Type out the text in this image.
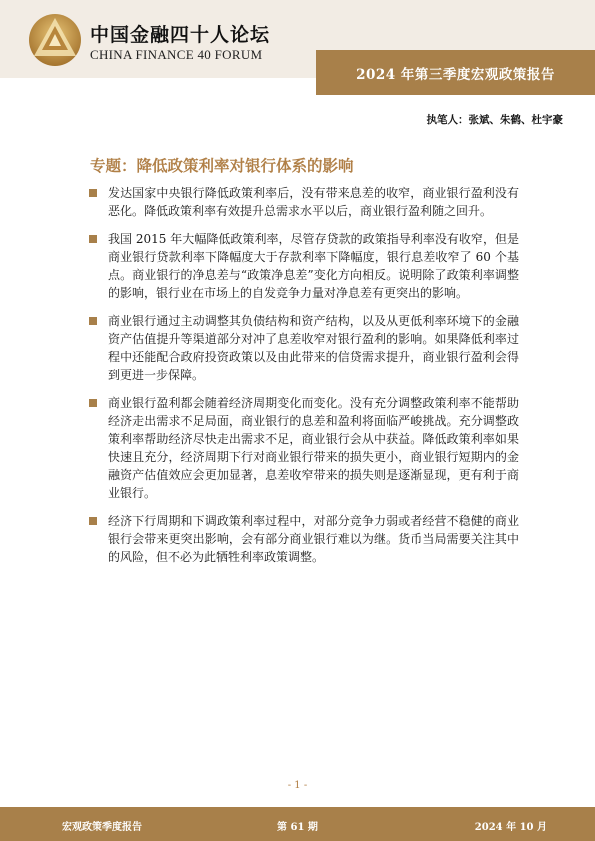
中国金融四十人论坛
CHINA FINANCE 40 FORUM
2024 年第三季度宏观政策报告
执笔人：张斌、朱鹤、杜宇豪
专题：降低政策利率对银行体系的影响
发达国家中央银行降低政策利率后，没有带来息差的收窄，商业银行盈利没有恶化。降低政策利率有效提升总需求水平以后，商业银行盈利随之回升。
我国 2015 年大幅降低政策利率，尽管存贷款的政策指导利率没有收窄，但是商业银行贷款利率下降幅度大于存款利率下降幅度，银行息差收窄了 60 个基点。商业银行的净息差与“政策净息差”变化方向相反。说明除了政策利率调整的影响，银行业在市场上的自发竞争力量对净息差有更突出的影响。
商业银行通过主动调整其负债结构和资产结构，以及从更低利率环境下的金融资产估值提升等渠道部分对冲了息差收窄对银行盈利的影响。如果降低利率过程中还能配合政府投资政策以及由此带来的信贷需求提升，商业银行盈利会得到更进一步保障。
商业银行盈利都会随着经济周期变化而变化。没有充分调整政策利率不能帮助经济走出需求不足局面，商业银行的息差和盈利将面临严峻挑战。充分调整政策利率帮助经济尽快走出需求不足，商业银行会从中获益。降低政策利率如果快速且充分，经济周期下行对商业银行带来的损失更小，商业银行短期内的金融资产估值效应会更加显著，息差收窄带来的损失则是逐渐显现，更有利于商业银行。
经济下行周期和下调政策利率过程中，对部分竞争力弱或者经营不稳健的商业银行会带来更突出影响，会有部分商业银行难以为继。货币当局需要关注其中的风险，但不必为此牺牲利率政策调整。
- 1 -
宏观政策季度报告	第 61 期	2024 年 10 月
